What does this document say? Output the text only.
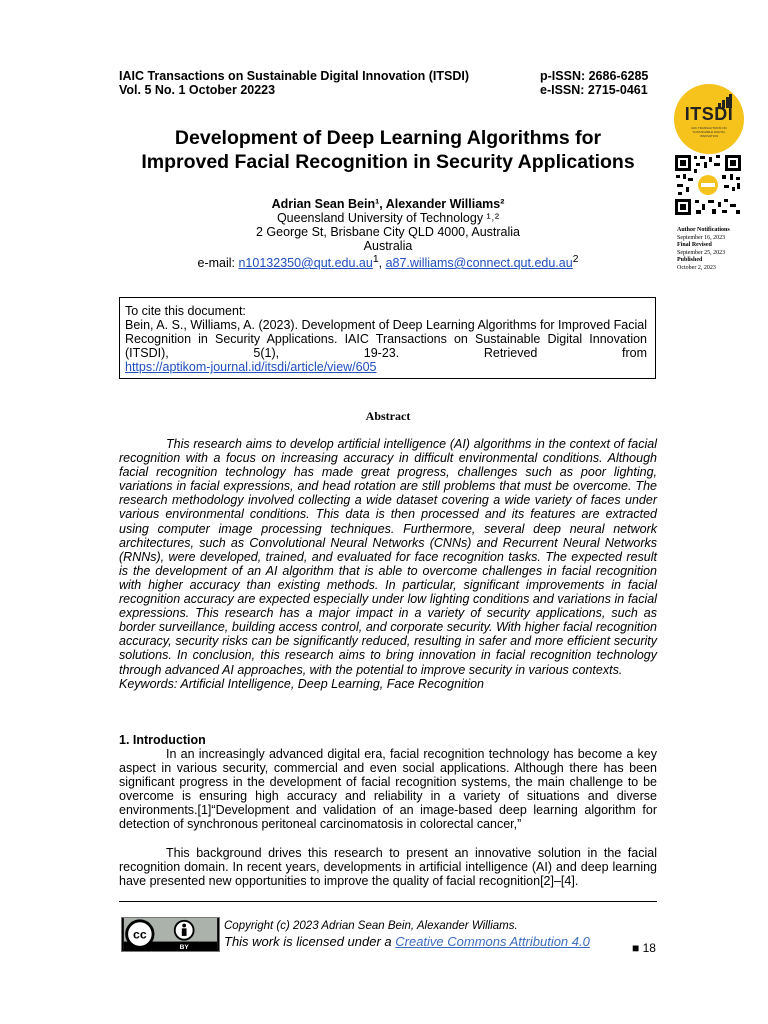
IAIC Transactions on Sustainable Digital Innovation (ITSDI)
Vol. 5 No. 1 October 20223
p-ISSN: 2686-6285
e-ISSN: 2715-0461
ITSDI
IAIC TRANSACTIONS ON SUSTAINABLE DIGITAL INNOVATION
Author Notifications
September 16, 2023
Final Revised
September 25, 2023
Published
October 2, 2023
Development of Deep Learning Algorithms for
Improved Facial Recognition in Security Applications
Adrian Sean Bein¹, Alexander Williams²
Queensland University of Technology ¹˒²
2 George St, Brisbane City QLD 4000, Australia
Australia
e-mail: $n10132350@qut.edu.au^1$, $a87.williams@connect.qut.edu.au^2$
To cite this document:
Bein, A. S., Williams, A. (2023). Development of Deep Learning Algorithms for Improved Facial Recognition in Security Applications. IAIC Transactions on Sustainable Digital Innovation (ITSDI), 5(1), 19-23. Retrieved from
https://aptikom-journal.id/itsdi/article/view/605
Abstract

This research aims to develop artificial intelligence (AI) algorithms in the context of facial recognition with a focus on increasing accuracy in difficult environmental conditions. Although facial recognition technology has made great progress, challenges such as poor lighting, variations in facial expressions, and head rotation are still problems that must be overcome. The research methodology involved collecting a wide dataset covering a wide variety of faces under various environmental conditions. This data is then processed and its features are extracted using computer image processing techniques. Furthermore, several deep neural network architectures, such as Convolutional Neural Networks (CNNs) and Recurrent Neural Networks (RNNs), were developed, trained, and evaluated for face recognition tasks. The expected result is the development of an AI algorithm that is able to overcome challenges in facial recognition with higher accuracy than existing methods. In particular, significant improvements in facial recognition accuracy are expected especially under low lighting conditions and variations in facial expressions. This research has a major impact in a variety of security applications, such as border surveillance, building access control, and corporate security. With higher facial recognition accuracy, security risks can be significantly reduced, resulting in safer and more efficient security solutions. In conclusion, this research aims to bring innovation in facial recognition technology through advanced AI approaches, with the potential to improve security in various contexts.

Keywords: Artificial Intelligence, Deep Learning, Face Recognition

1. Introduction

In an increasingly advanced digital era, facial recognition technology has become a key aspect in various security, commercial and even social applications. Although there has been significant progress in the development of facial recognition systems, the main challenge to be overcome is ensuring high accuracy and reliability in a variety of situations and diverse environments.[1]“Development and validation of an image-based deep learning algorithm for detection of synchronous peritoneal carcinomatosis in colorectal cancer,”

This background drives this research to present an innovative solution in the facial recognition domain. In recent years, developments in artificial intelligence (AI) and deep learning have presented new opportunities to improve the quality of facial recognition[2]–[4].

cc
BY
Copyright (c) 2023 Adrian Sean Bein, Alexander Williams.
This work is licensed under a Creative Commons Attribution 4.0	■ 18
